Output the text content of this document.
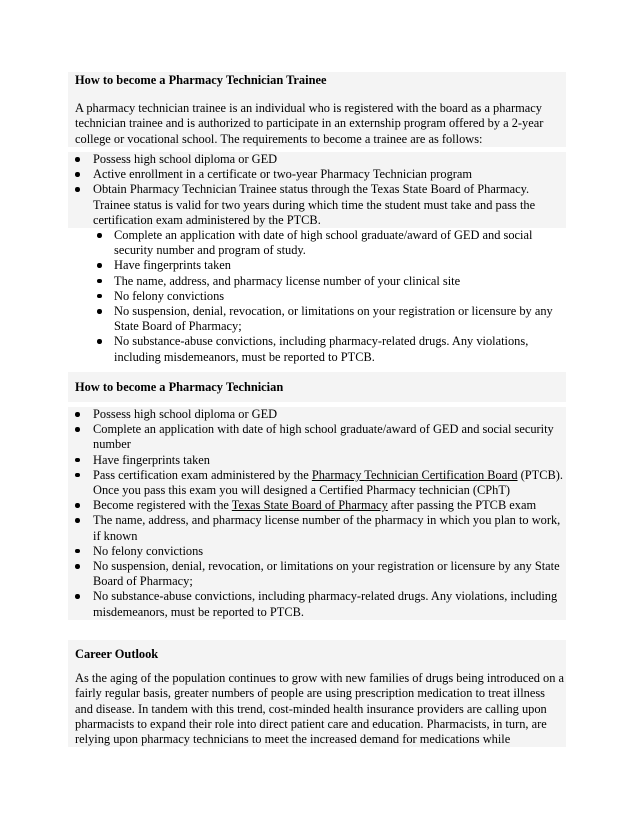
How to become a Pharmacy Technician Trainee
A pharmacy technician trainee is an individual who is registered with the board as a pharmacy technician trainee and is authorized to participate in an externship program offered by a 2-year college or vocational school. The requirements to become a trainee are as follows:
Possess high school diploma or GED
Active enrollment in a certificate or two-year Pharmacy Technician program
Obtain Pharmacy Technician Trainee status through the Texas State Board of Pharmacy. Trainee status is valid for two years during which time the student must take and pass the certification exam administered by the PTCB.
Complete an application with date of high school graduate/award of GED and social security number and program of study.
Have fingerprints taken
The name, address, and pharmacy license number of your clinical site
No felony convictions
No suspension, denial, revocation, or limitations on your registration or licensure by any State Board of Pharmacy;
No substance-abuse convictions, including pharmacy-related drugs. Any violations, including misdemeanors, must be reported to PTCB.
How to become a Pharmacy Technician
Possess high school diploma or GED
Complete an application with date of high school graduate/award of GED and social security number
Have fingerprints taken
Pass certification exam administered by the Pharmacy Technician Certification Board (PTCB). Once you pass this exam you will designed a Certified Pharmacy technician (CPhT)
Become registered with the Texas State Board of Pharmacy after passing the PTCB exam
The name, address, and pharmacy license number of the pharmacy in which you plan to work, if known
No felony convictions
No suspension, denial, revocation, or limitations on your registration or licensure by any State Board of Pharmacy;
No substance-abuse convictions, including pharmacy-related drugs. Any violations, including misdemeanors, must be reported to PTCB.
Career Outlook
As the aging of the population continues to grow with new families of drugs being introduced on a fairly regular basis, greater numbers of people are using prescription medication to treat illness and disease. In tandem with this trend, cost-minded health insurance providers are calling upon pharmacists to expand their role into direct patient care and education. Pharmacists, in turn, are relying upon pharmacy technicians to meet the increased demand for medications while
